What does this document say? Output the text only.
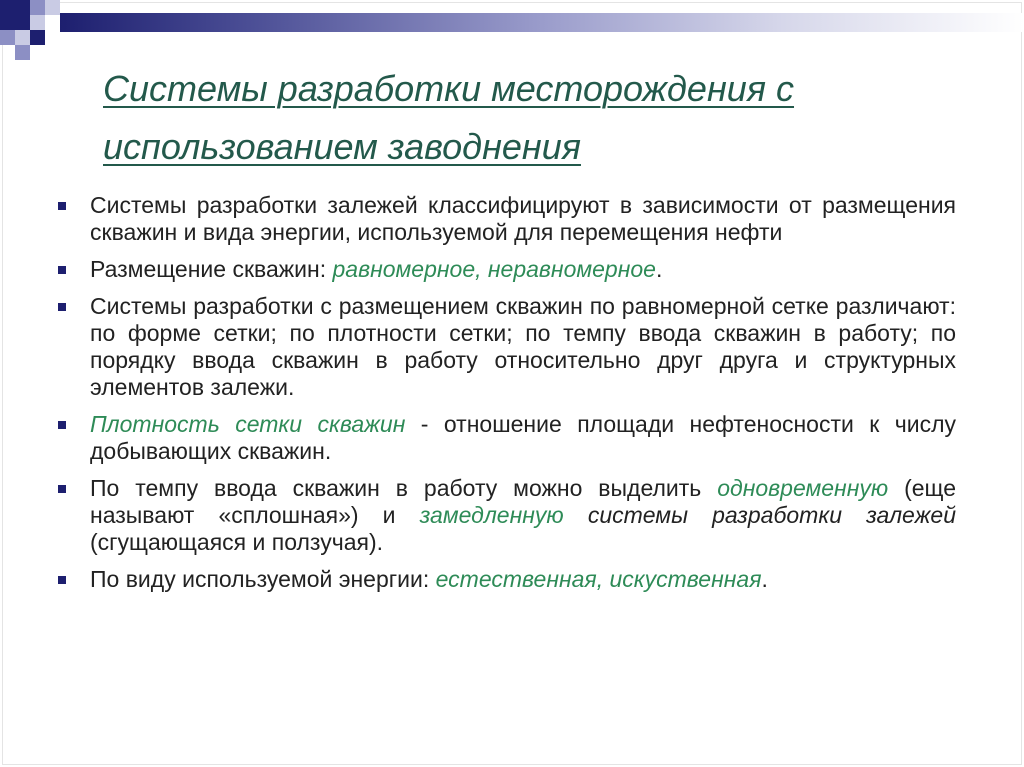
Системы разработки месторождения с
использованием заводнения
Системы разработки залежей классифицируют в зависимости от размещения скважин и вида энергии, используемой для перемещения нефти
Размещение скважин: равномерное, неравномерное.
Системы разработки с размещением скважин по равномерной сетке различают: по форме сетки; по плотности сетки; по темпу ввода скважин в работу; по порядку ввода скважин в работу относительно друг друга и структурных элементов залежи.
Плотность сетки скважин - отношение площади нефтеносности к числу добывающих скважин.
По темпу ввода скважин в работу можно выделить одновременную (еще называют «сплошная») и замедленную системы разработки залежей (сгущающаяся и ползучая).
По виду используемой энергии: естественная, искуственная.
